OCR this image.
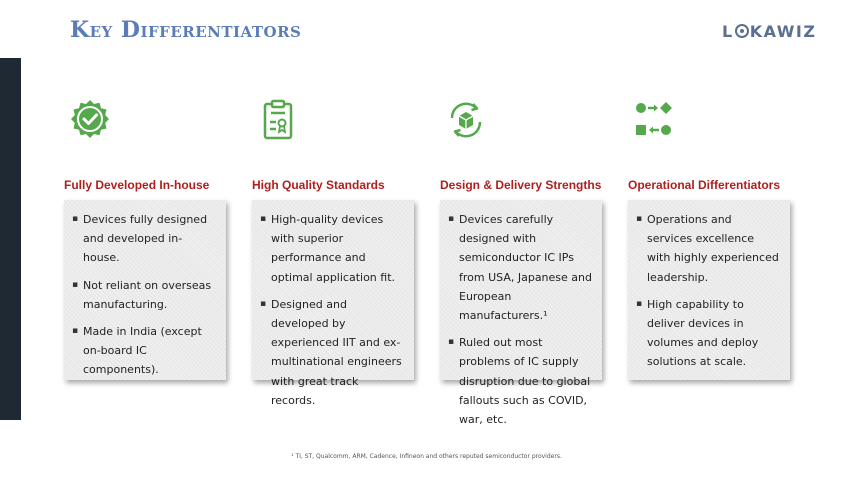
Key Differentiators	L KAWIZ
Fully Developed In-house
▪ Devices fully designed and developed in-house.
▪ Not reliant on overseas manufacturing.
▪ Made in India (except on-board IC components).
High Quality Standards
▪ High-quality devices with superior performance and optimal application fit.
▪ Designed and developed by experienced IIT and ex-multinational engineers with great track records.
Design & Delivery Strengths
▪ Devices carefully designed with semiconductor IC IPs from USA, Japanese and European manufacturers.¹
▪ Ruled out most problems of IC supply disruption due to global fallouts such as COVID, war, etc.
Operational Differentiators
▪ Operations and services excellence with highly experienced leadership.
▪ High capability to deliver devices in volumes and deploy solutions at scale.
¹ TI, ST, Qualcomm, ARM, Cadence, Infineon and others reputed semiconductor providers.
